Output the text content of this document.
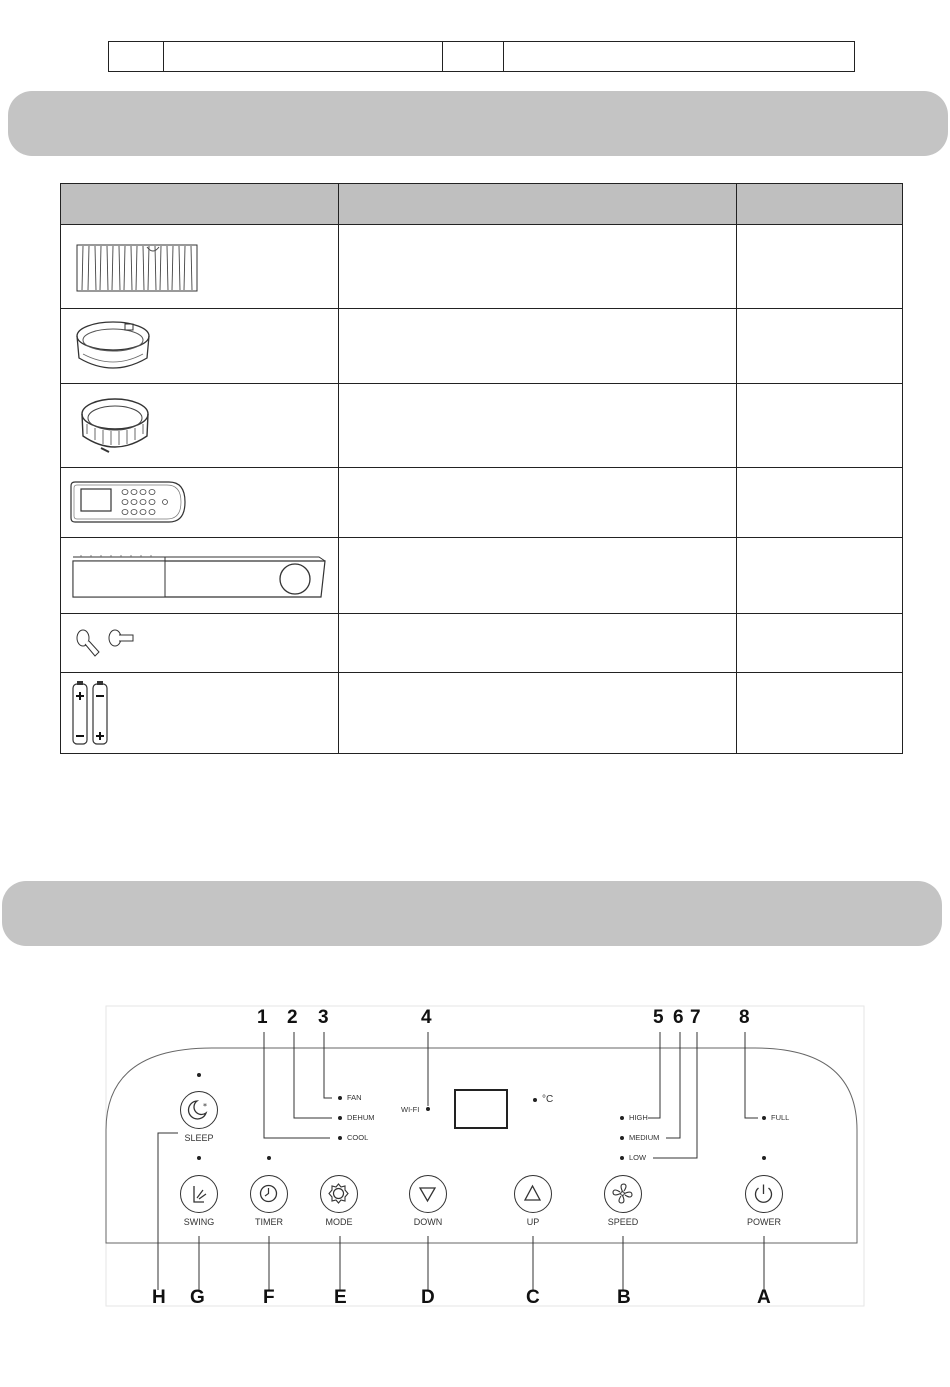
1 2 3	4	5 6 7 8
FAN
DEHUM
COOL
WI-FI
°C
HIGH
MEDIUM
LOW
FULL
*
SLEEP
SWING	TIMER	MODE	DOWN	UP	SPEED	POWER
H G	F	E	D	C	B	A
